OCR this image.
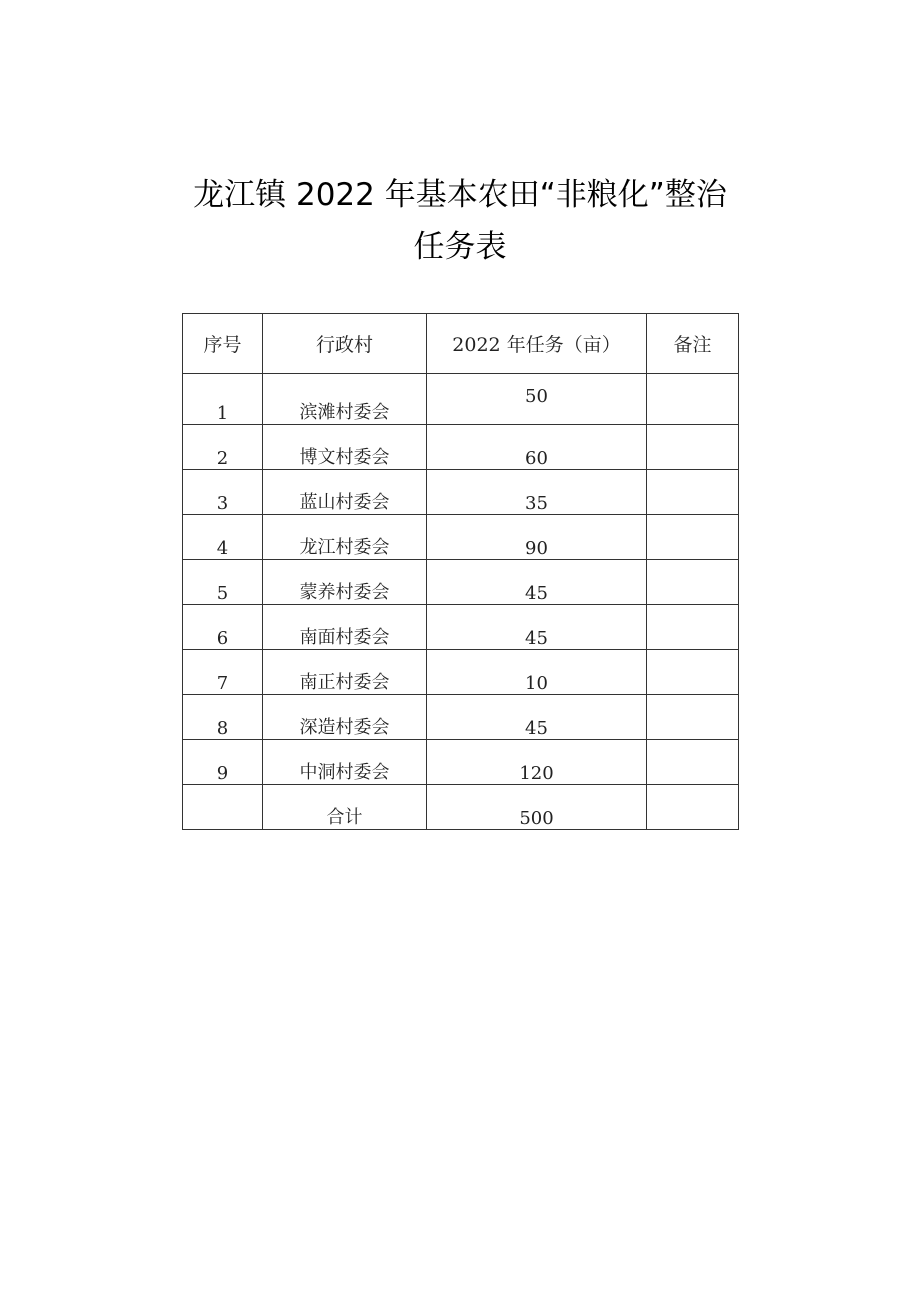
龙江镇 2022 年基本农田“非粮化”整治
任务表
序号	行政村	2022 年任务（亩）	备注
1	滨滩村委会	50	
2	博文村委会	60	
3	蓝山村委会	35	
4	龙江村委会	90	
5	蒙养村委会	45	
6	南面村委会	45	
7	南正村委会	10	
8	深造村委会	45	
9	中洞村委会	120	
	合计	500	
